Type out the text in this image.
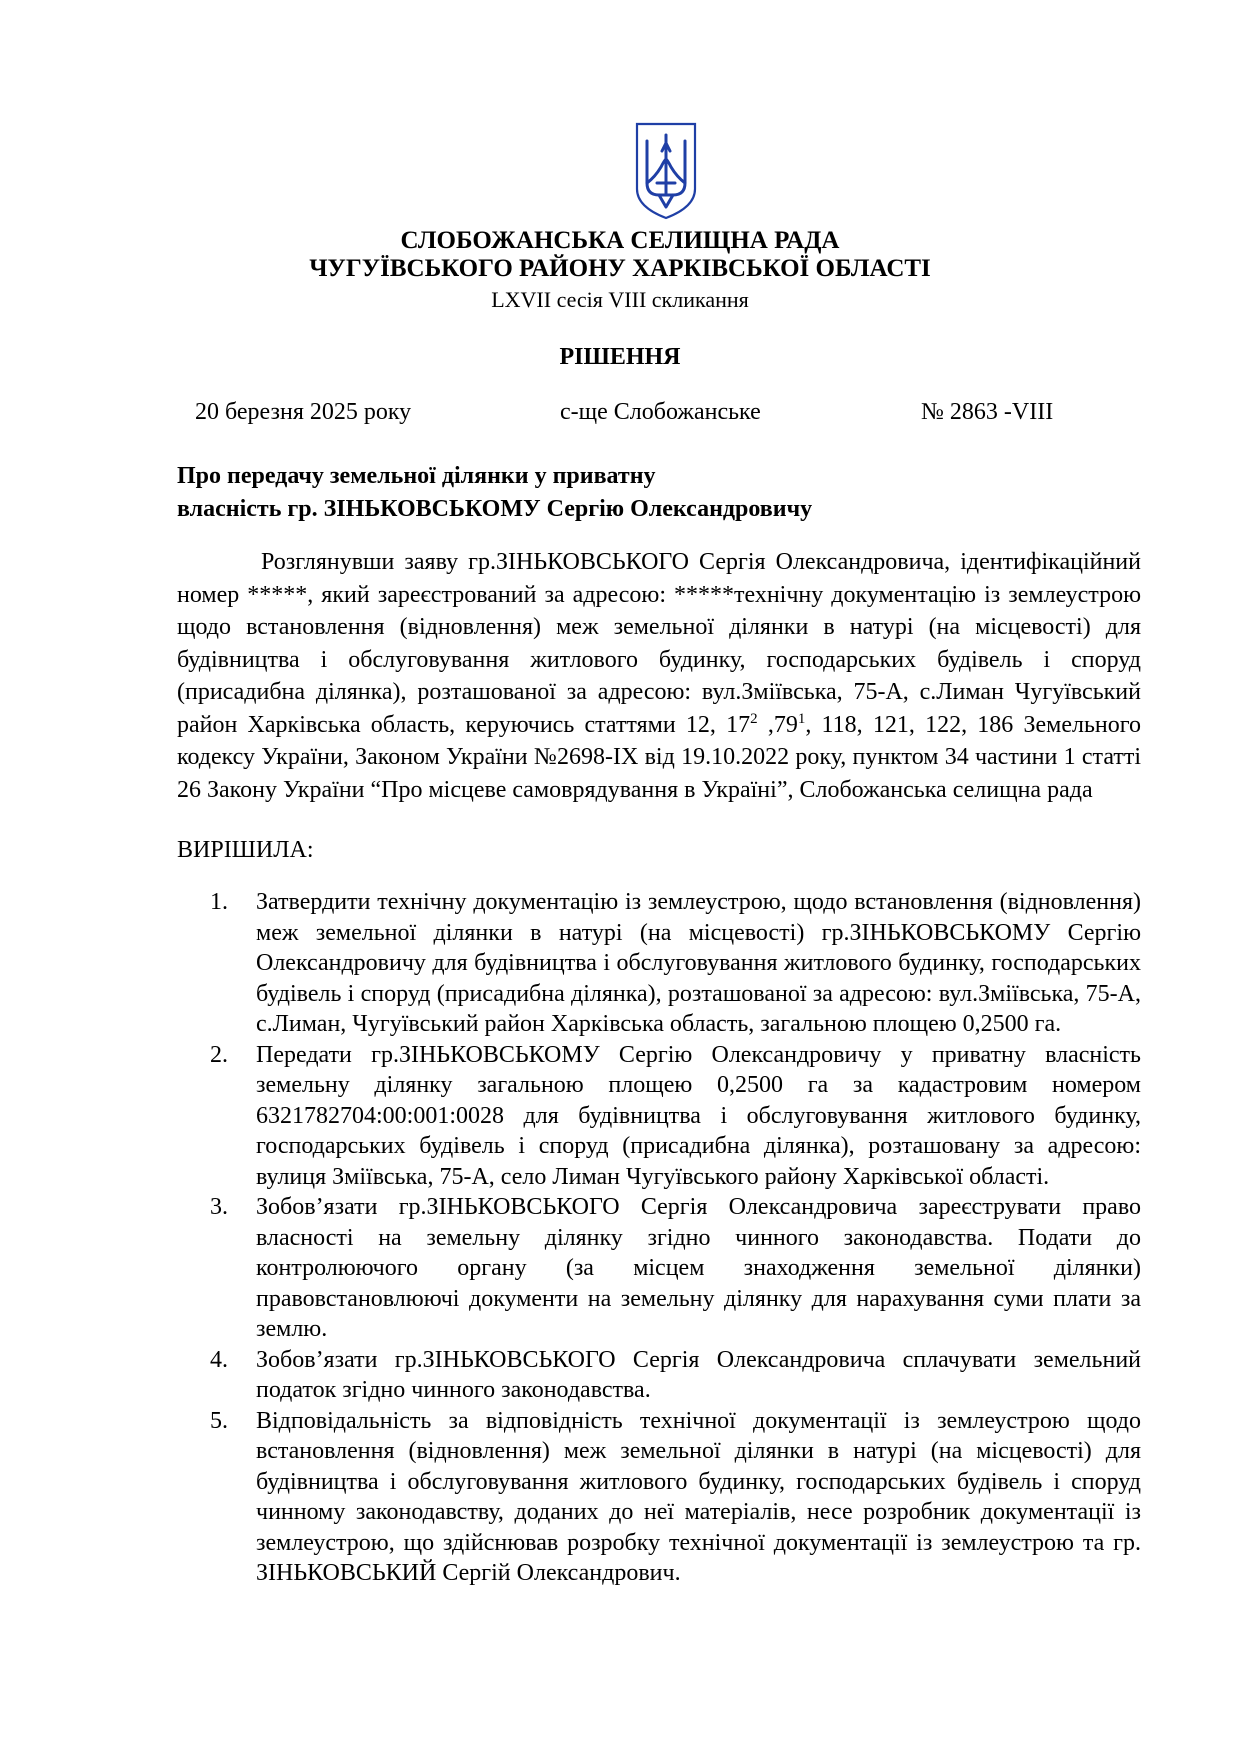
СЛОБОЖАНСЬКА СЕЛИЩНА РАДА
ЧУГУЇВСЬКОГО РАЙОНУ ХАРКІВСЬКОЇ ОБЛАСТІ
LXVII сесія VIII скликання
РІШЕННЯ
20 березня 2025 року	с-ще Слобожанське	№ 2863 -VIII
Про передачу земельної ділянки у приватну
власність гр. ЗІНЬКОВСЬКОМУ Сергію Олександровичу
Розглянувши заяву гр.ЗІНЬКОВСЬКОГО Сергія Олександровича, ідентифікаційний номер *****, який зареєстрований за адресою: *****технічну документацію із землеустрою щодо встановлення (відновлення) меж земельної ділянки в натурі (на місцевості) для будівництва і обслуговування житлового будинку, господарських будівель і споруд (присадибна ділянка), розташованої за адресою: вул.Зміївська, 75-А, с.Лиман Чугуївський район Харківська область, керуючись статтями 12, $17^2$ $,79^1$, 118, 121, 122, 186 Земельного кодексу України, Законом України №2698-ІХ від 19.10.2022 року, пунктом 34 частини 1 статті 26 Закону України “Про місцеве самоврядування в Україні”, Слобожанська селищна рада
ВИРІШИЛА:
1. Затвердити технічну документацію із землеустрою, щодо встановлення (відновлення) меж земельної ділянки в натурі (на місцевості) гр.ЗІНЬКОВСЬКОМУ Сергію Олександровичу для будівництва і обслуговування житлового будинку, господарських будівель і споруд (присадибна ділянка), розташованої за адресою: вул.Зміївська, 75-А, с.Лиман, Чугуївський район Харківська область, загальною площею 0,2500 га.
2. Передати гр.ЗІНЬКОВСЬКОМУ Сергію Олександровичу у приватну власність земельну ділянку загальною площею 0,2500 га за кадастровим номером 6321782704:00:001:0028 для будівництва і обслуговування житлового будинку, господарських будівель і споруд (присадибна ділянка), розташовану за адресою: вулиця Зміївська, 75-А, село Лиман Чугуївського району Харківської області.
3. Зобов’язати гр.ЗІНЬКОВСЬКОГО Сергія Олександровича зареєструвати право власності на земельну ділянку згідно чинного законодавства. Подати до контролюючого органу (за місцем знаходження земельної ділянки) правовстановлюючі документи на земельну ділянку для нарахування суми плати за землю.
4. Зобов’язати гр.ЗІНЬКОВСЬКОГО Сергія Олександровича сплачувати земельний податок згідно чинного законодавства.
5. Відповідальність за відповідність технічної документації із землеустрою щодо встановлення (відновлення) меж земельної ділянки в натурі (на місцевості) для будівництва і обслуговування житлового будинку, господарських будівель і споруд чинному законодавству, доданих до неї матеріалів, несе розробник документації із землеустрою, що здійснював розробку технічної документації із землеустрою та гр. ЗІНЬКОВСЬКИЙ Сергій Олександрович.
